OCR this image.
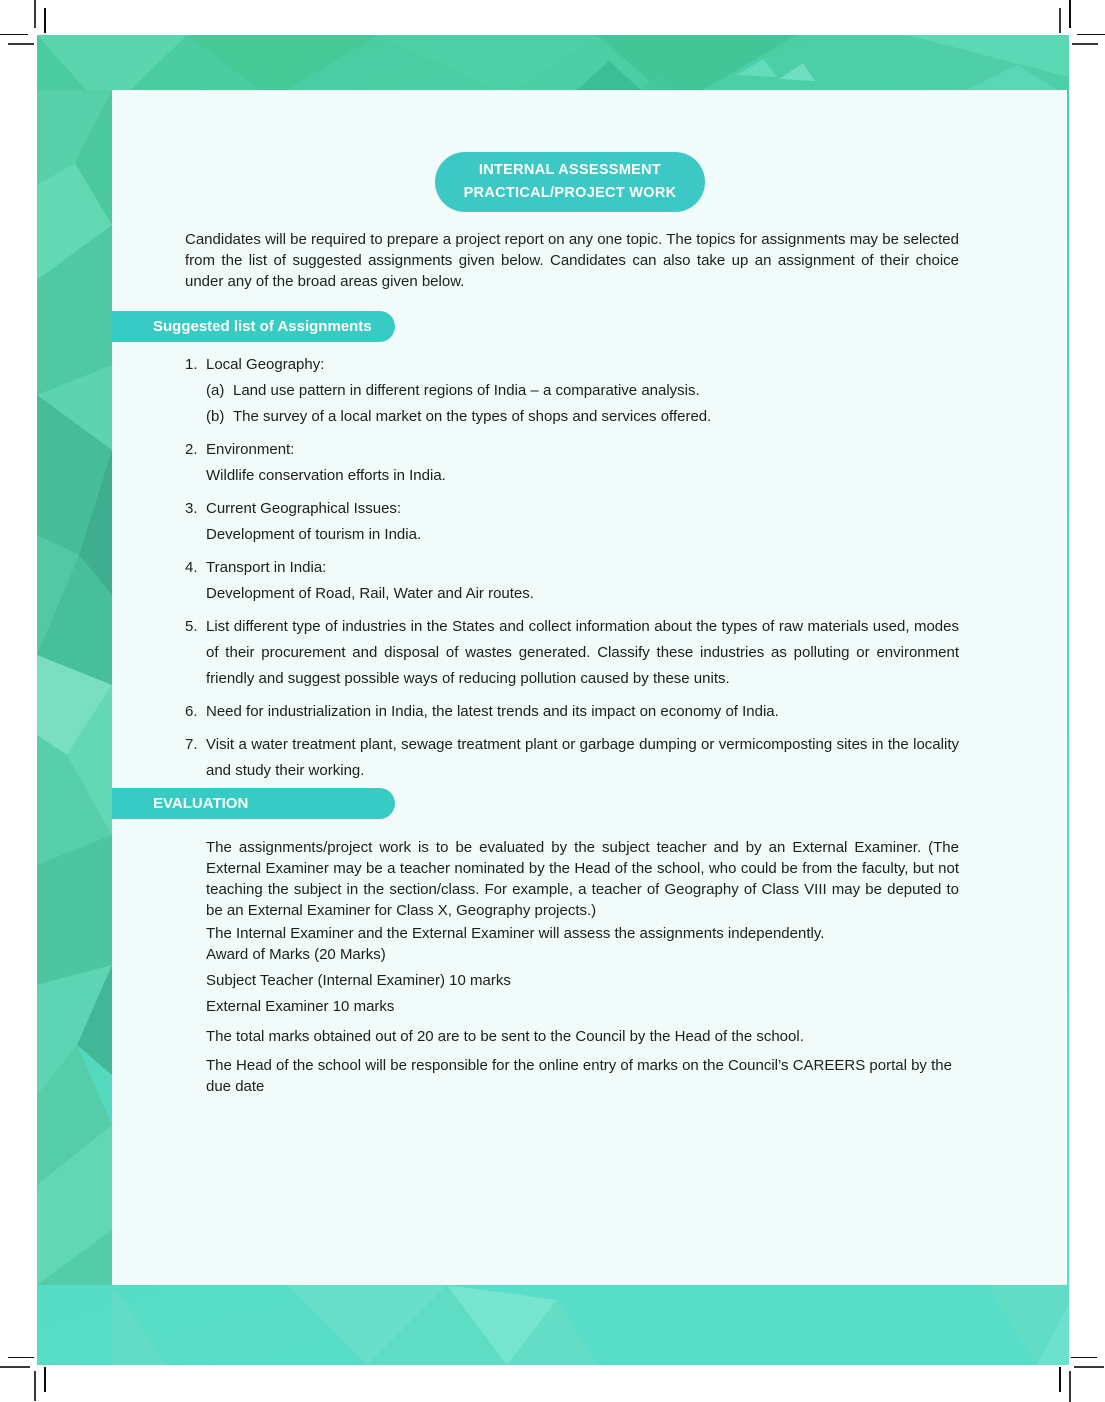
INTERNAL ASSESSMENT
PRACTICAL/PROJECT WORK

Candidates will be required to prepare a project report on any one topic. The topics for assignments may be selected from the list of suggested assignments given below. Candidates can also take up an assignment of their choice under any of the broad areas given below.

Suggested list of Assignments
1. Local Geography:
(a) Land use pattern in different regions of India – a comparative analysis.
(b) The survey of a local market on the types of shops and services offered.
2. Environment:
Wildlife conservation efforts in India.
3. Current Geographical Issues:
Development of tourism in India.
4. Transport in India:
Development of Road, Rail, Water and Air routes.
5. List different type of industries in the States and collect information about the types of raw materials used, modes of their procurement and disposal of wastes generated. Classify these industries as polluting or environment friendly and suggest possible ways of reducing pollution caused by these units.
6. Need for industrialization in India, the latest trends and its impact on economy of India.
7. Visit a water treatment plant, sewage treatment plant or garbage dumping or vermicomposting sites in the locality and study their working.
EVALUATION

The assignments/project work is to be evaluated by the subject teacher and by an External Examiner. (The External Examiner may be a teacher nominated by the Head of the school, who could be from the faculty, but not teaching the subject in the section/class. For example, a teacher of Geography of Class VIII may be deputed to be an External Examiner for Class X, Geography projects.)

The Internal Examiner and the External Examiner will assess the assignments independently.
Award of Marks (20 Marks)

Subject Teacher (Internal Examiner) 10 marks

External Examiner 10 marks

The total marks obtained out of 20 are to be sent to the Council by the Head of the school.

The Head of the school will be responsible for the online entry of marks on the Council’s CAREERS portal by the due date
